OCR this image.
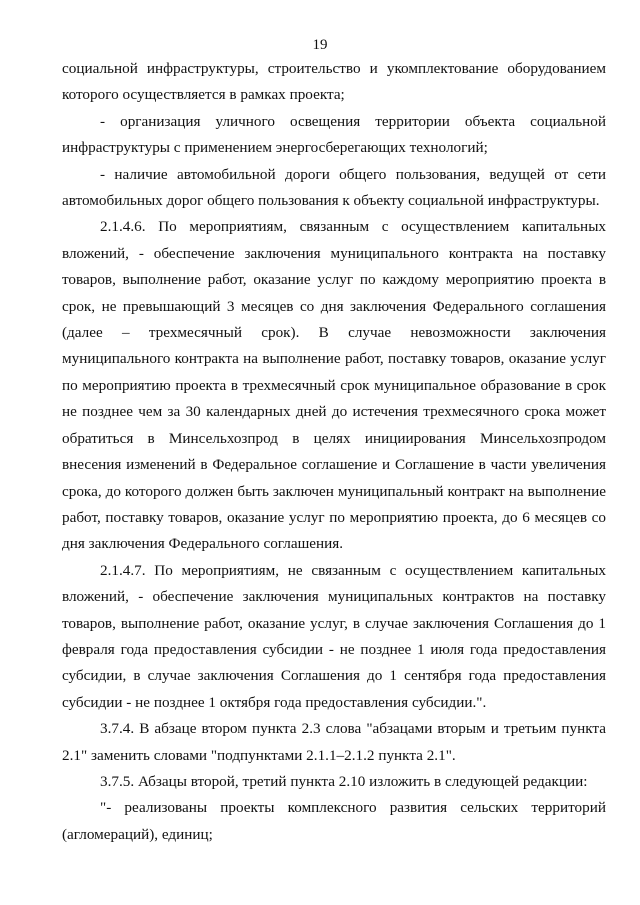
19

социальной инфраструктуры, строительство и укомплектование оборудованием которого осуществляется в рамках проекта;

- организация уличного освещения территории объекта социальной инфраструктуры с применением энергосберегающих технологий;

- наличие автомобильной дороги общего пользования, ведущей от сети автомобильных дорог общего пользования к объекту социальной инфраструктуры.

2.1.4.6. По мероприятиям, связанным с осуществлением капитальных вложений, - обеспечение заключения муниципального контракта на поставку товаров, выполнение работ, оказание услуг по каждому мероприятию проекта в срок, не превышающий 3 месяцев со дня заключения Федерального соглашения (далее – трехмесячный срок). В случае невозможности заключения муниципального контракта на выполнение работ, поставку товаров, оказание услуг по мероприятию проекта в трехмесячный срок муниципальное образование в срок не позднее чем за 30 календарных дней до истечения трехмесячного срока может обратиться в Минсельхозпрод в целях инициирования Минсельхозпродом внесения изменений в Федеральное соглашение и Соглашение в части увеличения срока, до которого должен быть заключен муниципальный контракт на выполнение работ, поставку товаров, оказание услуг по мероприятию проекта, до 6 месяцев со дня заключения Федерального соглашения.

2.1.4.7. По мероприятиям, не связанным с осуществлением капитальных вложений, - обеспечение заключения муниципальных контрактов на поставку товаров, выполнение работ, оказание услуг, в случае заключения Соглашения до 1 февраля года предоставления субсидии - не позднее 1 июля года предоставления субсидии, в случае заключения Соглашения до 1 сентября года предоставления субсидии - не позднее 1 октября года предоставления субсидии.".

3.7.4. В абзаце втором пункта 2.3 слова "абзацами вторым и третьим пункта 2.1" заменить словами "подпунктами 2.1.1–2.1.2 пункта 2.1".

3.7.5. Абзацы второй, третий пункта 2.10 изложить в следующей редакции:

"- реализованы проекты комплексного развития сельских территорий (агломераций), единиц;
